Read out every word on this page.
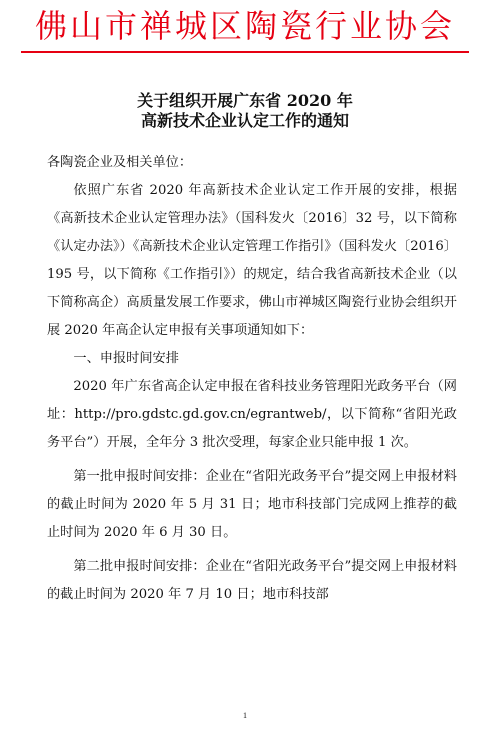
佛山市禅城区陶瓷行业协会
关于组织开展广东省 2020 年
高新技术企业认定工作的通知

各陶瓷企业及相关单位：

依照广东省 2020 年高新技术企业认定工作开展的安排，根据《高新技术企业认定管理办法》（国科发火〔2016〕32 号，以下简称《认定办法》）《高新技术企业认定管理工作指引》（国科发火〔2016〕195 号，以下简称《工作指引》）的规定，结合我省高新技术企业（以下简称高企）高质量发展工作要求，佛山市禅城区陶瓷行业协会组织开展 2020 年高企认定申报有关事项通知如下：

一、申报时间安排

2020 年广东省高企认定申报在省科技业务管理阳光政务平台（网址：http://pro.gdstc.gd.gov.cn/egrantweb/，以下简称“省阳光政务平台”）开展，全年分 3 批次受理，每家企业只能申报 1 次。

第一批申报时间安排：企业在“省阳光政务平台”提交网上申报材料的截止时间为 2020 年 5 月 31 日；地市科技部门完成网上推荐的截止时间为 2020 年 6 月 30 日。

第二批申报时间安排：企业在“省阳光政务平台”提交网上申报材料的截止时间为 2020 年 7 月 10 日；地市科技部

1
